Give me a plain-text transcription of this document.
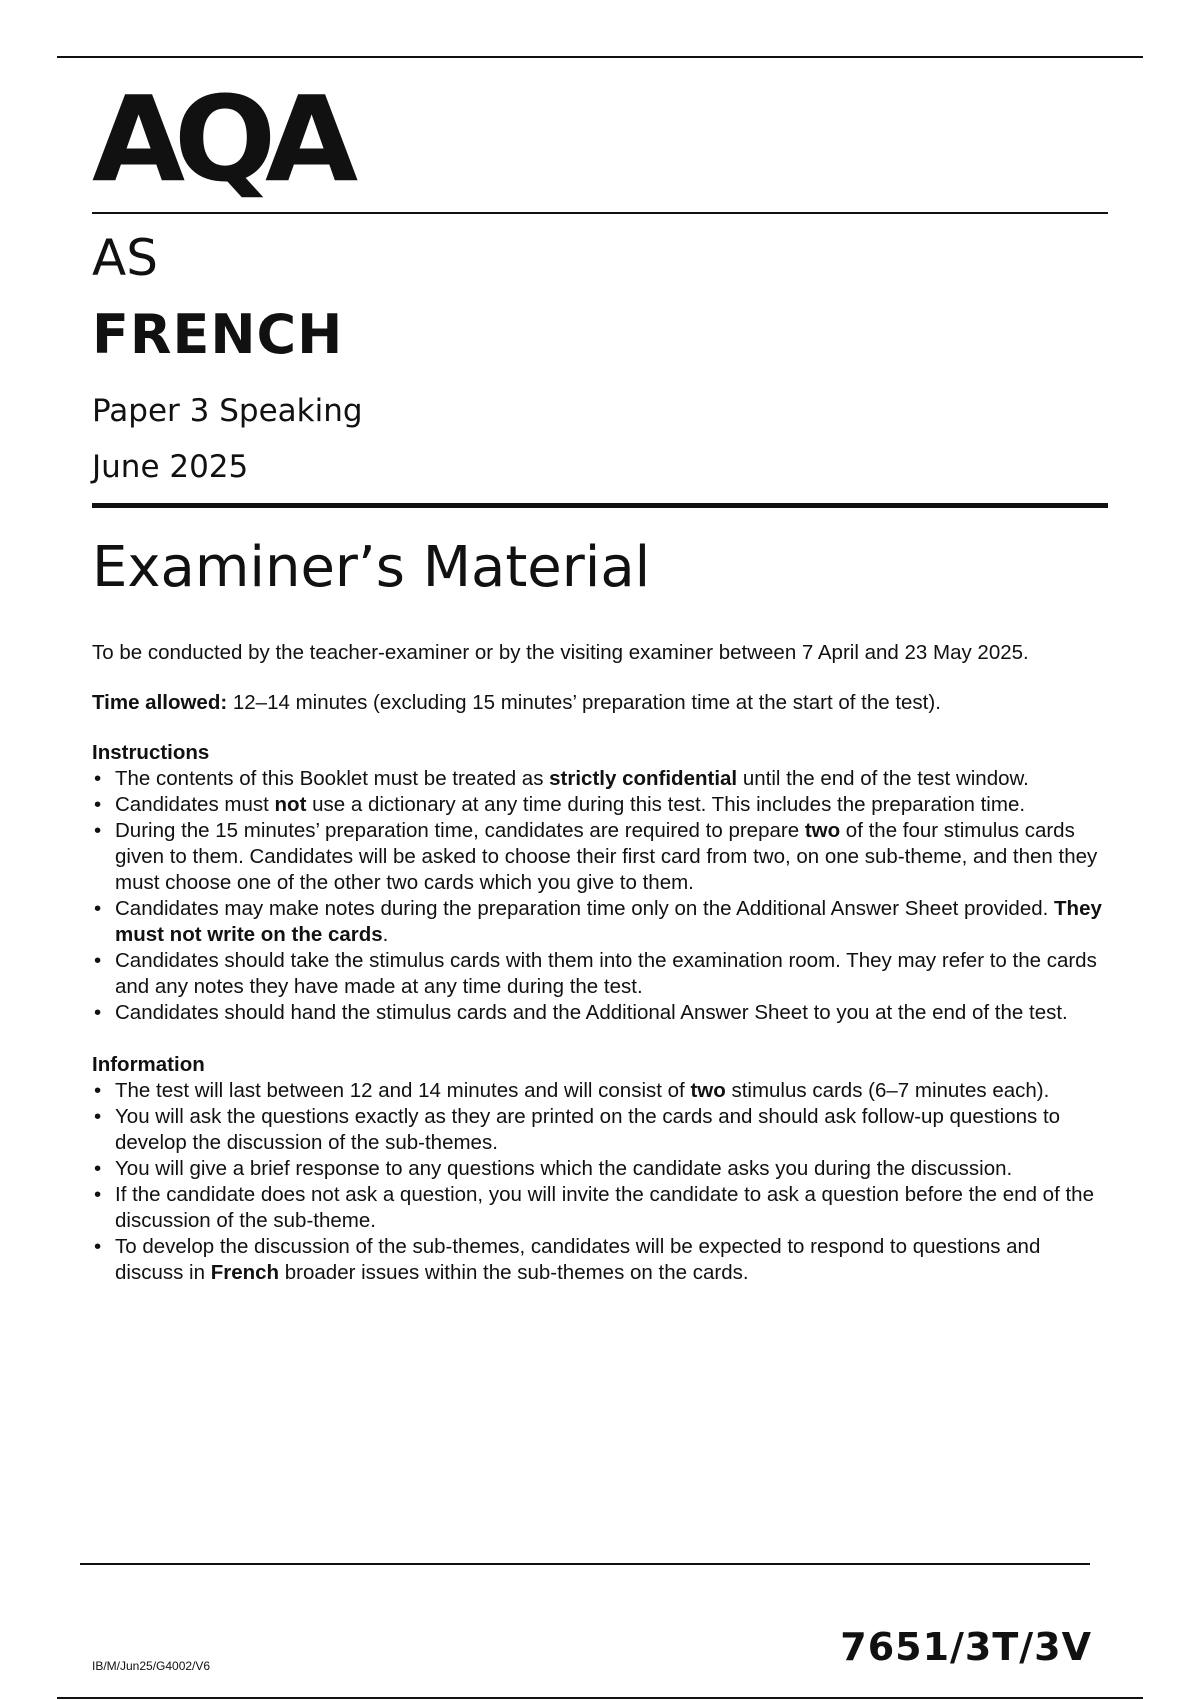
AQA
AS
FRENCH
Paper 3 Speaking
June 2025
Examiner’s Material

To be conducted by the teacher-examiner or by the visiting examiner between 7 April and 23 May 2025.

Time allowed: 12–14 minutes (excluding 15 minutes’ preparation time at the start of the test).

Instructions

• The contents of this Booklet must be treated as strictly confidential until the end of the test window.
• Candidates must not use a dictionary at any time during this test. This includes the preparation time.
• During the 15 minutes’ preparation time, candidates are required to prepare two of the four stimulus cards given to them. Candidates will be asked to choose their first card from two, on one sub-theme, and then they must choose one of the other two cards which you give to them.
• Candidates may make notes during the preparation time only on the Additional Answer Sheet provided. They must not write on the cards.
• Candidates should take the stimulus cards with them into the examination room. They may refer to the cards and any notes they have made at any time during the test.
• Candidates should hand the stimulus cards and the Additional Answer Sheet to you at the end of the test.

Information

• The test will last between 12 and 14 minutes and will consist of two stimulus cards (6–7 minutes each).
• You will ask the questions exactly as they are printed on the cards and should ask follow-up questions to develop the discussion of the sub-themes.
• You will give a brief response to any questions which the candidate asks you during the discussion.
• If the candidate does not ask a question, you will invite the candidate to ask a question before the end of the discussion of the sub-theme.
• To develop the discussion of the sub-themes, candidates will be expected to respond to questions and discuss in French broader issues within the sub-themes on the cards.
IB/M/Jun25/G4002/V6	7651/3T/3V
